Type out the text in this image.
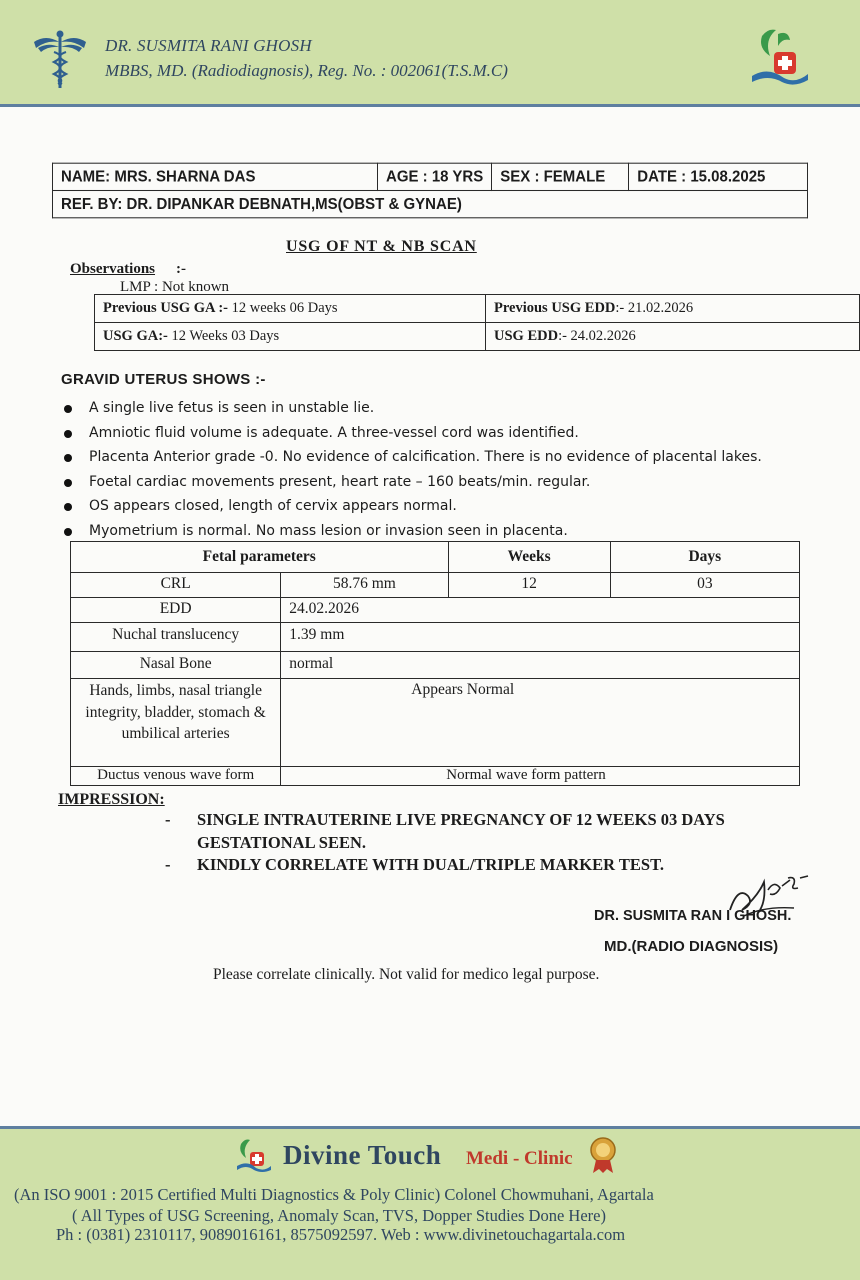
DR. SUSMITA RANI GHOSH
MBBS, MD. (Radiodiagnosis), Reg. No. : 002061(T.S.M.C)
NAME: MRS. SHARNA DAS	AGE : 18 YRS	SEX : FEMALE	DATE : 15.08.2025
REF. BY: DR. DIPANKAR DEBNATH,MS(OBST & GYNAE)
USG OF NT & NB SCAN
Observations :-
LMP : Not known
Previous USG GA :- 12 weeks 06 Days	Previous USG EDD:- 21.02.2026
USG GA:- 12 Weeks 03 Days	USG EDD:- 24.02.2026
GRAVID UTERUS SHOWS :-
A single live fetus is seen in unstable lie.
Amniotic fluid volume is adequate. A three-vessel cord was identified.
Placenta Anterior grade -0. No evidence of calcification. There is no evidence of placental lakes.
Foetal cardiac movements present, heart rate – 160 beats/min. regular.
OS appears closed, length of cervix appears normal.
Myometrium is normal. No mass lesion or invasion seen in placenta.
Fetal parameters		Weeks	Days
CRL	58.76 mm	12	03
EDD	24.02.2026		
Nuchal translucency	1.39 mm		
Nasal Bone	normal		
Hands, limbs, nasal triangle integrity, bladder, stomach & umbilical arteries	Appears Normal		
Ductus venous wave form	Normal wave form pattern		
IMPRESSION:
- SINGLE INTRAUTERINE LIVE PREGNANCY OF 12 WEEKS 03 DAYS
GESTATIONAL SEEN.
- KINDLY CORRELATE WITH DUAL/TRIPLE MARKER TEST.
DR. SUSMITA RAN I GHOSH.
MD.(RADIO DIAGNOSIS)
Please correlate clinically. Not valid for medico legal purpose.
Divine Touch Medi - Clinic
(An ISO 9001 : 2015 Certified Multi Diagnostics & Poly Clinic) Colonel Chowmuhani, Agartala
( All Types of USG Screening, Anomaly Scan, TVS, Dopper Studies Done Here)
Ph : (0381) 2310117, 9089016161, 8575092597. Web : www.divinetouchagartala.com
